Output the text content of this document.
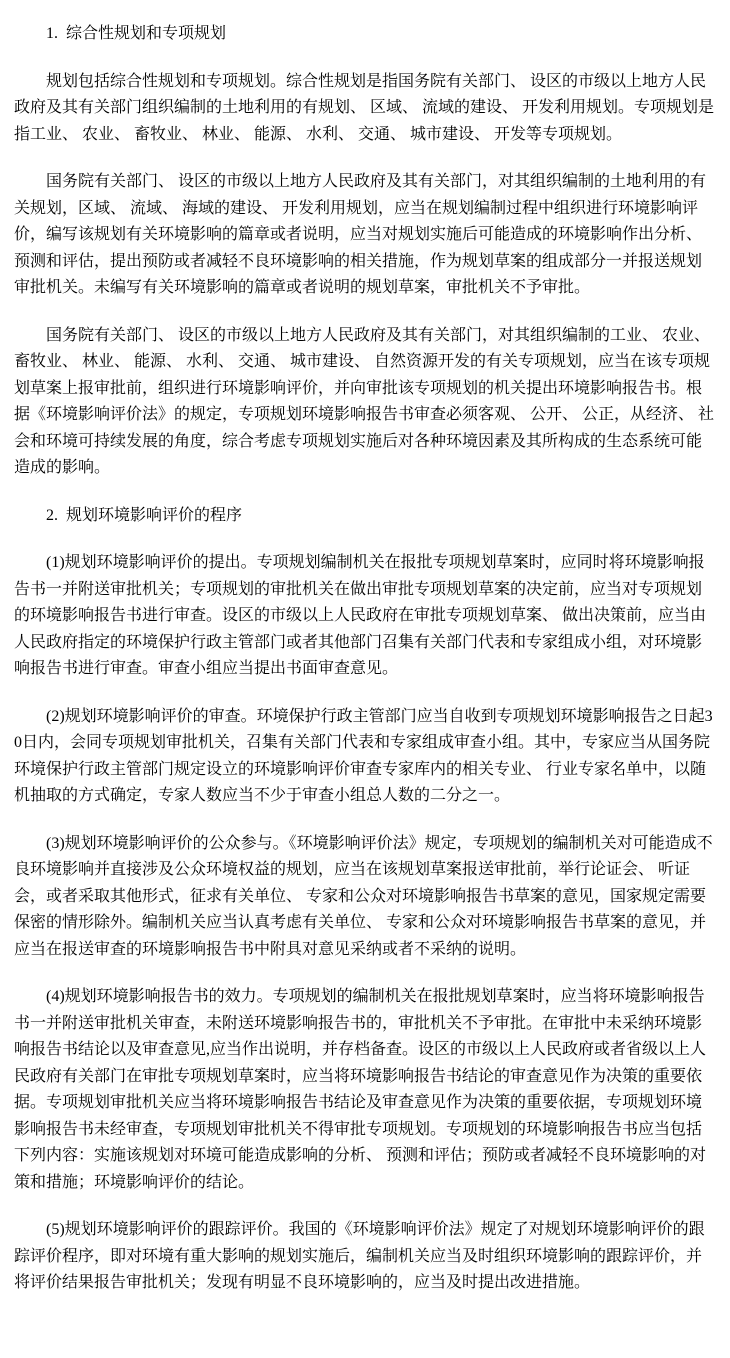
1.  综合性规划和专项规划

规划包括综合性规划和专项规划。综合性规划是指国务院有关部门、 设区的市级以上地方人民政府及其有关部门组织编制的土地利用的有规划、 区域、 流域的建设、 开发利用规划。专项规划是指工业、 农业、 畜牧业、 林业、 能源、 水利、 交通、 城市建设、 开发等专项规划。

国务院有关部门、 设区的市级以上地方人民政府及其有关部门，对其组织编制的土地利用的有关规划，区域、 流域、 海域的建设、 开发利用规划，应当在规划编制过程中组织进行环境影响评价，编写该规划有关环境影响的篇章或者说明，应当对规划实施后可能造成的环境影响作出分析、 预测和评估，提出预防或者减轻不良环境影响的相关措施，作为规划草案的组成部分一并报送规划审批机关。未编写有关环境影响的篇章或者说明的规划草案，审批机关不予审批。

国务院有关部门、 设区的市级以上地方人民政府及其有关部门，对其组织编制的工业、 农业、 畜牧业、 林业、 能源、 水利、 交通、 城市建设、 自然资源开发的有关专项规划，应当在该专项规划草案上报审批前，组织进行环境影响评价，并向审批该专项规划的机关提出环境影响报告书。根据《环境影响评价法》的规定，专项规划环境影响报告书审查必须客观、 公开、 公正，从经济、 社会和环境可持续发展的角度，综合考虑专项规划实施后对各种环境因素及其所构成的生态系统可能造成的影响。

2.  规划环境影响评价的程序

(1)规划环境影响评价的提出。专项规划编制机关在报批专项规划草案时，应同时将环境影响报告书一并附送审批机关；专项规划的审批机关在做出审批专项规划草案的决定前，应当对专项规划的环境影响报告书进行审查。设区的市级以上人民政府在审批专项规划草案、 做出决策前，应当由人民政府指定的环境保护行政主管部门或者其他部门召集有关部门代表和专家组成小组，对环境影响报告书进行审查。审查小组应当提出书面审查意见。

(2)规划环境影响评价的审查。环境保护行政主管部门应当自收到专项规划环境影响报告之日起30日内，会同专项规划审批机关，召集有关部门代表和专家组成审查小组。其中，专家应当从国务院环境保护行政主管部门规定设立的环境影响评价审查专家库内的相关专业、 行业专家名单中，以随机抽取的方式确定，专家人数应当不少于审查小组总人数的二分之一。

(3)规划环境影响评价的公众参与。《环境影响评价法》规定，专项规划的编制机关对可能造成不良环境影响并直接涉及公众环境权益的规划，应当在该规划草案报送审批前，举行论证会、 听证会，或者采取其他形式，征求有关单位、 专家和公众对环境影响报告书草案的意见，国家规定需要保密的情形除外。编制机关应当认真考虑有关单位、 专家和公众对环境影响报告书草案的意见，并应当在报送审查的环境影响报告书中附具对意见采纳或者不采纳的说明。

(4)规划环境影响报告书的效力。专项规划的编制机关在报批规划草案时，应当将环境影响报告书一并附送审批机关审查，未附送环境影响报告书的，审批机关不予审批。在审批中未采纳环境影响报告书结论以及审查意见,应当作出说明，并存档备查。设区的市级以上人民政府或者省级以上人民政府有关部门在审批专项规划草案时，应当将环境影响报告书结论的审查意见作为决策的重要依据。专项规划审批机关应当将环境影响报告书结论及审查意见作为决策的重要依据，专项规划环境影响报告书未经审查，专项规划审批机关不得审批专项规划。专项规划的环境影响报告书应当包括下列内容：实施该规划对环境可能造成影响的分析、 预测和评估；预防或者减轻不良环境影响的对策和措施；环境影响评价的结论。

(5)规划环境影响评价的跟踪评价。我国的《环境影响评价法》规定了对规划环境影响评价的跟踪评价程序，即对环境有重大影响的规划实施后，编制机关应当及时组织环境影响的跟踪评价，并将评价结果报告审批机关；发现有明显不良环境影响的，应当及时提出改进措施。
